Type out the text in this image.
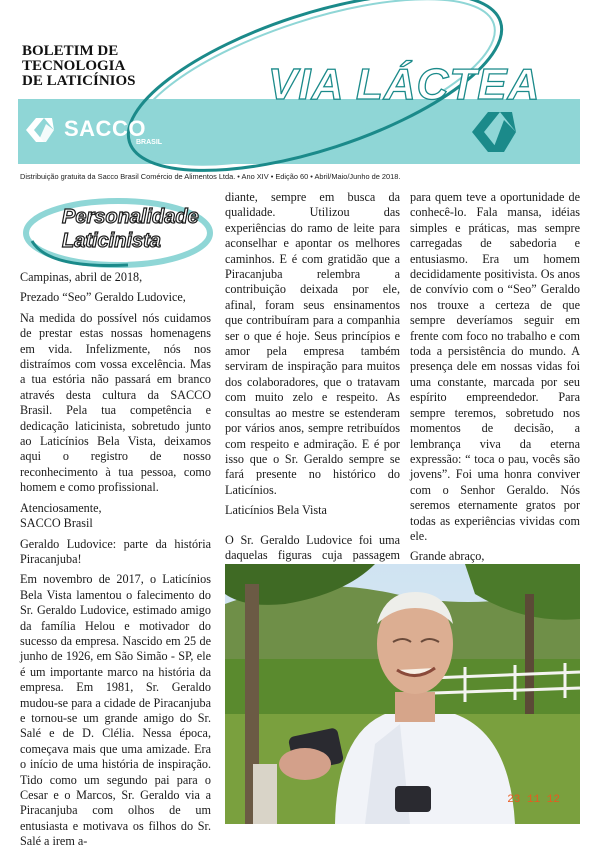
BOLETIM DE
TECNOLOGIA
DE LATICÍNIOS	VIA LÁCTEA
SACCO
BRASIL
Distribuição gratuita da Sacco Brasil Comércio de Alimentos Ltda. • Ano XIV • Edição 60 • Abril/Maio/Junho de 2018.
Personalidade
Laticinista

Campinas, abril de 2018,

Prezado “Seo” Geraldo Ludovice,

Na medida do possível nós cuidamos de prestar estas nossas homenagens em vida. Infelizmente, nós nos distraímos com vossa excelência. Mas a tua estória não passará em branco através desta cultura da SACCO Brasil. Pela tua competência e dedicação laticinista, sobretudo junto ao Laticínios Bela Vista, deixamos aqui o registro de nosso reconhecimento à tua pessoa, como homem e como profissional.

Atenciosamente,

SACCO Brasil

Geraldo Ludovice: parte da história Piracanjuba!

Em novembro de 2017, o Laticínios Bela Vista lamentou o falecimento do Sr. Geraldo Ludovice, estimado amigo da família Helou e motivador do sucesso da empresa. Nascido em 25 de junho de 1926, em São Simão - SP, ele é um importante marco na história da empresa. Em 1981, Sr. Geraldo mudou-se para a cidade de Piracanjuba e tornou-se um grande amigo do Sr. Salé e de D. Clélia. Nessa época, começava mais que uma amizade. Era o início de uma história de inspiração. Tido como um segundo pai para o Cesar e o Marcos, Sr. Geraldo via a Piracanjuba com olhos de um entusiasta e motivava os filhos do Sr. Salé a irem a-

diante, sempre em busca da qualidade. Utilizou das experiências do ramo de leite para aconselhar e apontar os melhores caminhos. E é com gratidão que a Piracanjuba relembra a contribuição deixada por ele, afinal, foram seus ensinamentos que contribuíram para a companhia ser o que é hoje. Seus princípios e amor pela empresa também serviram de inspiração para muitos dos colaboradores, que o tratavam com muito zelo e respeito. As consultas ao mestre se estenderam por vários anos, sempre retribuídos com respeito e admiração. E é por isso que o Sr. Geraldo sempre se fará presente no histórico do Laticínios.

Laticínios Bela Vista

O Sr. Geraldo Ludovice foi uma daquelas figuras cuja passagem

para quem teve a oportunidade de conhecê-lo. Fala mansa, idéias simples e práticas, mas sempre carregadas de sabedoria e entusiasmo. Era um homem decididamente positivista. Os anos de convívio com o “Seo” Geraldo nos trouxe a certeza de que sempre deveríamos seguir em frente com foco no trabalho e com toda a persistência do mundo. A presença dele em nossas vidas foi uma constante, marcada por seu espírito empreendedor. Para sempre teremos, sobretudo nos momentos de decisão, a lembrança viva da eterna expressão: “ toca o pau, vocês são jovens”. Foi uma honra conviver com o Senhor Geraldo. Nós seremos eternamente gratos por todas as experiências vividas com ele.

Grande abraço,

23 11 12
